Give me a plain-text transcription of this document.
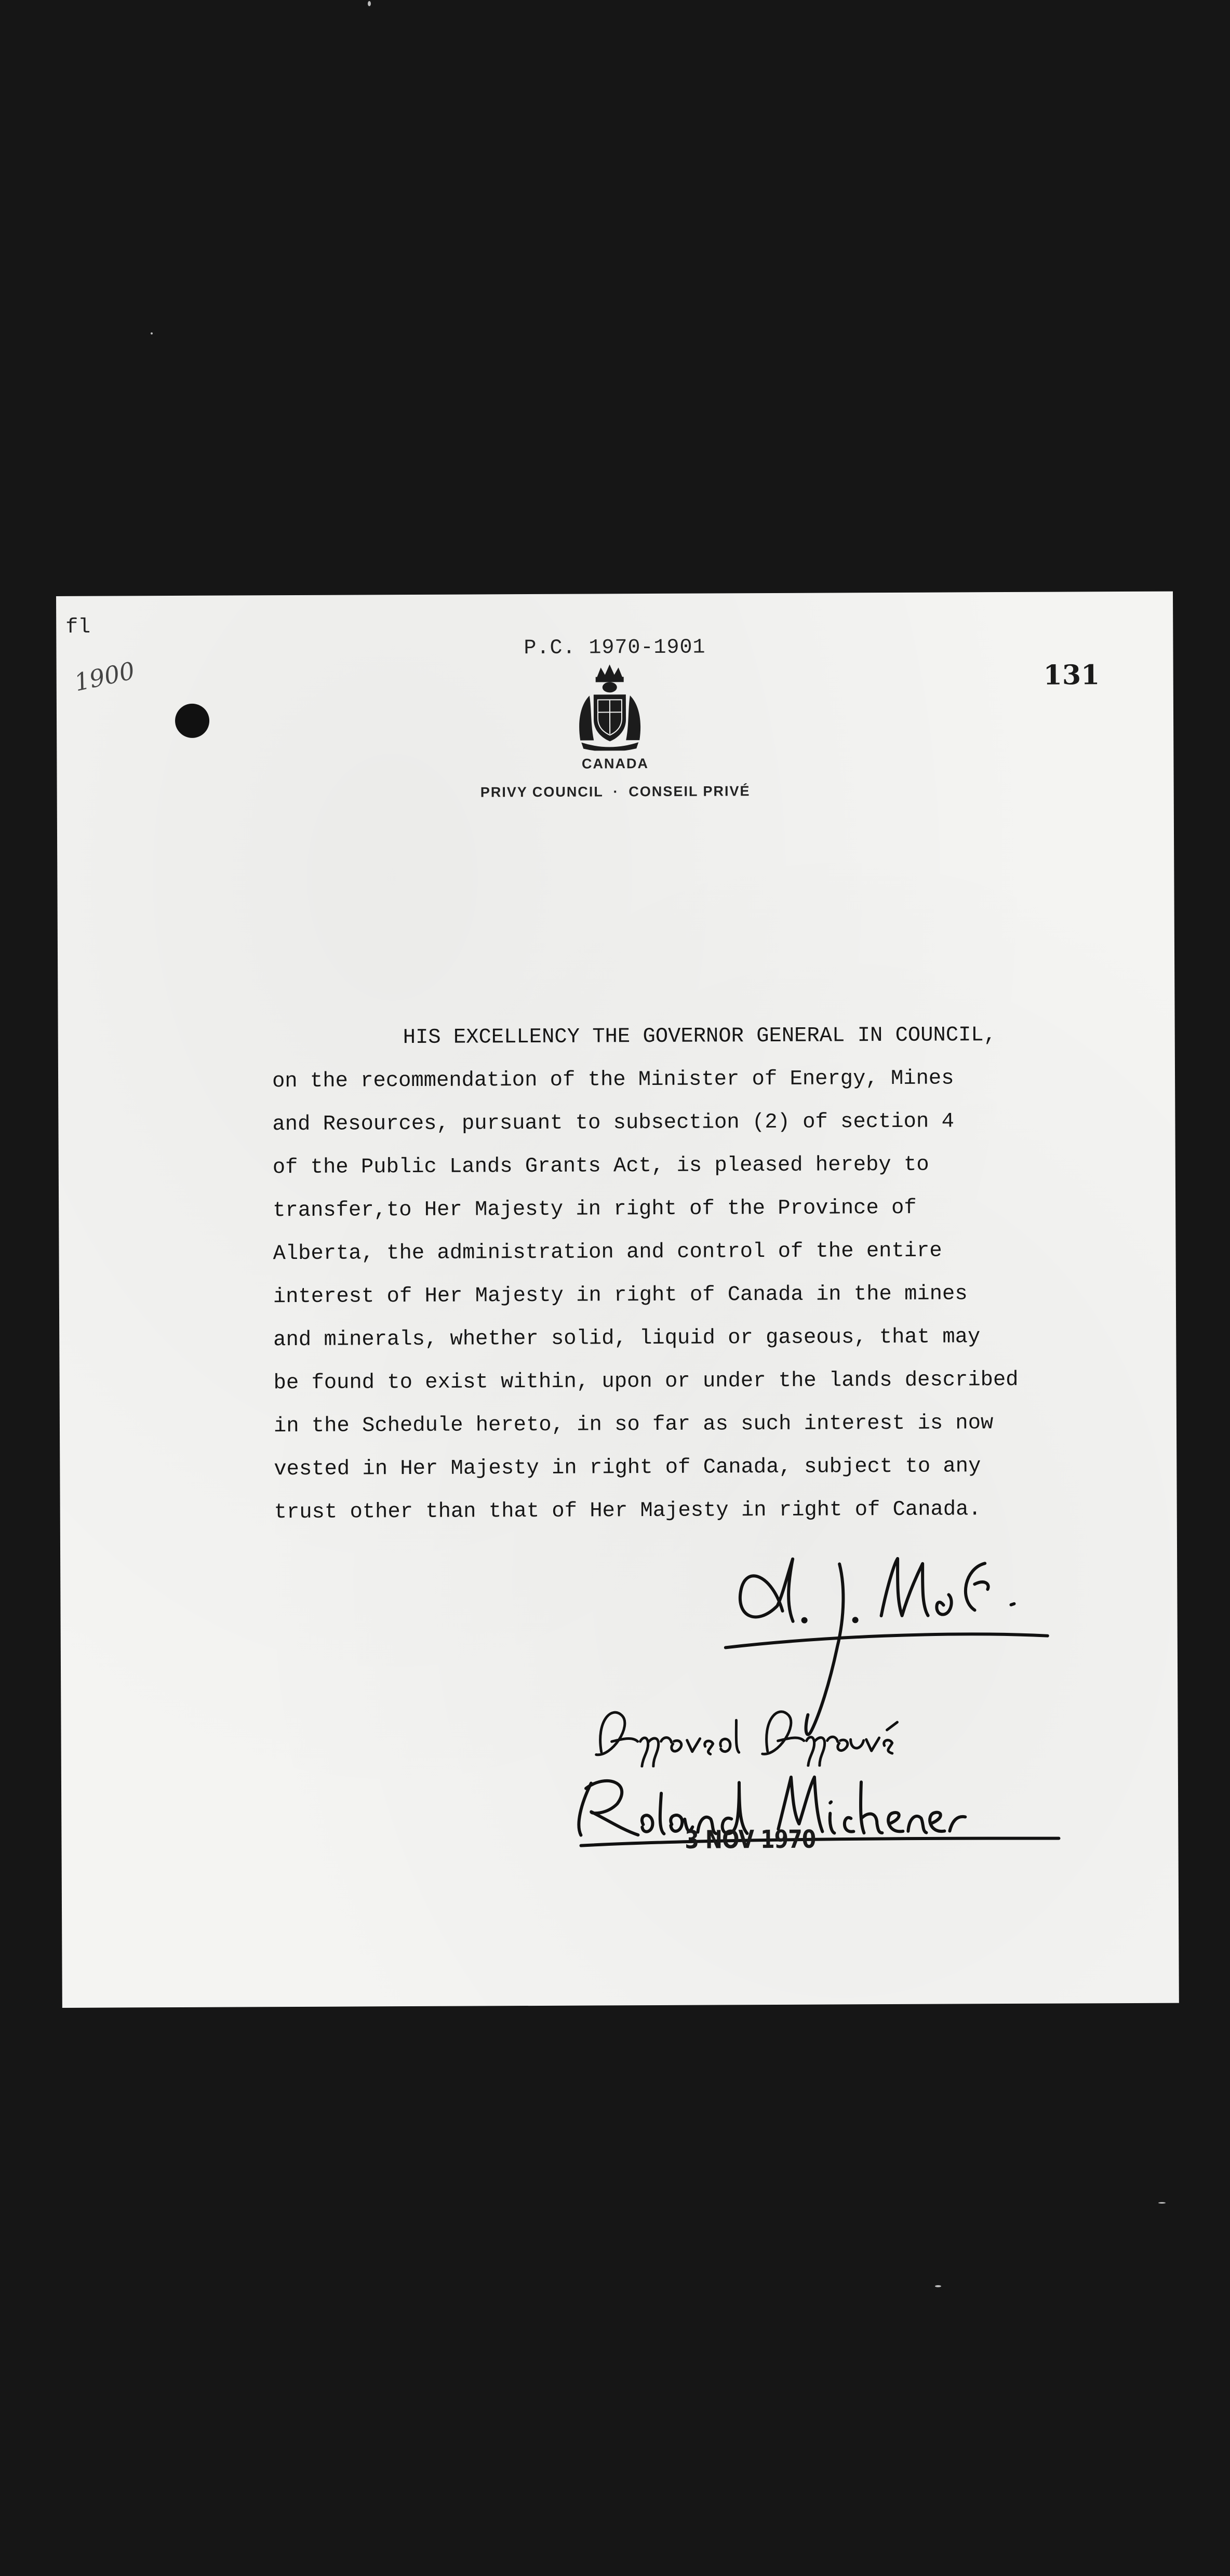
fl
1900
P.C. 1970-1901
131
CANADA
PRIVY COUNCIL  ·  CONSEIL PRIVÉ
HIS EXCELLENCY THE GOVERNOR GENERAL IN COUNCIL,
on the recommendation of the Minister of Energy, Mines
and Resources, pursuant to subsection (2) of section 4
of the Public Lands Grants Act, is pleased hereby to
transfer,to Her Majesty in right of the Province of
Alberta, the administration and control of the entire
interest of Her Majesty in right of Canada in the mines
and minerals, whether solid, liquid or gaseous, that may
be found to exist within, upon or under the lands described
in the Schedule hereto, in so far as such interest is now
vested in Her Majesty in right of Canada, subject to any
trust other than that of Her Majesty in right of Canada.
3 NOV 1970
